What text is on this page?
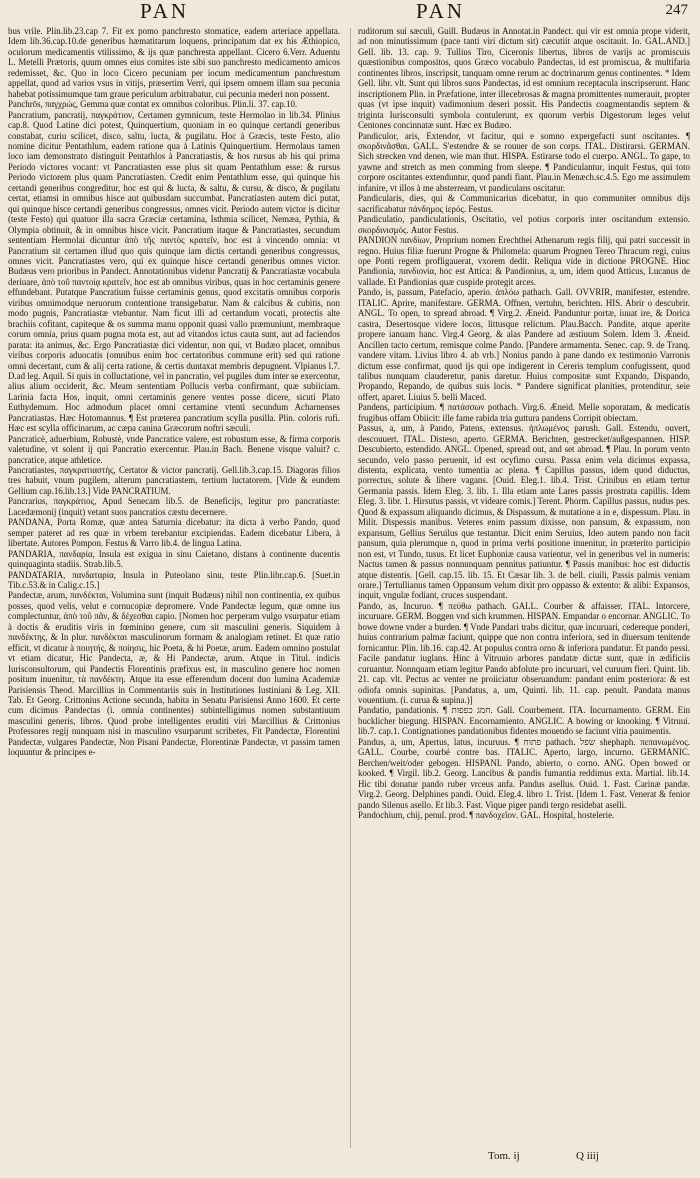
PAN	PAN	247

bus vrile. Plin.lib.23.cap 7. Fit ex pomo panchresto stomatice, eadem arteriace appellata. Idem lib.36.cap.10.de generibus hæmatitarum loquens, principatum dat ex his Æthiopico, oculorum medicamentis vtilissimo, & ijs quæ panchresta appellant. Cicero 6.Verr. Aduentu L. Metelli Prætoris, quum omnes eius comites iste sibi suo panchresto medicamento amicos redemisset, &c. Quo in loco Cicero pecuniam per iocum medicamentum panchrestum appellat, quod ad varios vsus in vitijs, præsertim Verri, qui ipsem omnem illam sua pecunia habebat potissimumque tam graue periculum arbitrabatur, cui pecunia mederi non possent.

Panchrōs, παγχρώς, Gemma quæ contat ex omnibus coloribus. Plin.li. 37. cap.10.

Pancratium, pancratij, παγκράτιον, Certamen gymnicum, teste Hermolao in lib.34. Plinius cap.8. Quod Latine dici potest, Quinquertium, quoniam in eo quinque certandi generibus constabat, curiu scilicet, disco, saltu, lucta, & pugilatu. Hoc à Græcis, teste Festo, alio nomine dicitur Pentathlum, eadem ratione qua à Latinis Quinquertium. Hermolaus tamen loco iam demonstrato distinguit Pentathlos à Pancratiastis, & hos rursus ab his qui prima Periodo victores vocant: vt Pancratiasten esse plus sit quam Pentathlum esse: & rursus Periodo victorem plus quam Pancratiasten. Credit enim Pentathlum esse, qui quinque his certandi generibus congreditur, hoc est qui & lucta, & saltu, & cursu, & disco, & pugilatu certat, etiamsi in omnibus hisce aut quibusdam succumbat. Pancratiasten autem dici putat, qui quinque hisce certandi generibus congressus, omnes vicit. Periodo autem victor is dicitur (teste Festo) qui quatuor illa sacra Græciæ certamina, Isthmia scilicet, Nemæa, Pythia, & Olympia obtinuit, & in omnibus hisce vicit. Pancratium itaque & Pancratiastes, secundum sententiam Hermolai dicuntur ἀπὸ τῆς παντὸς κρατεῖν, hoc est à vincendo omnia: vt Pancratium sit certamen illud quo quis quinque iam dictis certandi generibus congressus, omnes vicit. Pancratiastes vero, qui ex quinque hisce certandi generibus omnes victor. Budæus vero prioribus in Pandect. Annotationibus videtur Pancratij & Pancratiastæ vocabula deriuare, ἀπὸ τοῦ παντοίᾳ κρατεῖν, hoc est ab omnibus viribus, quas in hoc certaminis genere effundebant. Putatque Pancratium fuisse certaminis genus, quod excitatis omnibus corporis viribus omnimodque neruorum contentione transigebatur. Nam & calcibus & cubitis, non modo pugnis, Pancratiastæ vtebantur. Nam ficut illi ad certandum vocati, protectis alte brachiis cofitant, capiteque & os summa manu opponit quasi vallo præmuniunt, membraque corum omnia, prius quam pugna mota est, aut ad vitandos ictus cauta sunt, aut ad faciendos parata: ita animus, &c. Ergo Pancratiastæ dici videntur, non qui, vt Budæo placet, omnibus viribus corporis aduocatis (omnibus enim hoc certatoribus commune erit) sed qui ratione omni decertant, cum & alij certa ratione, & certis duntaxat membris depugnent. Vlpianus l.7. D.ad leg. Aquil. Si quis in colluctatione, vel in pancratio, vel pugiles dum inter se exercentur, alius alium occiderit, &c. Meam sententiam Pollucis verba confirmant, quæ subiiciam. Larinia facta Hos, inquit, omni certaminis genere ventes posse dicere, sicuti Plato Euthydemum. Hoc admodum placet omni certamine vtenti secundum Acharnenses Pancratiastas. Hæc Hotomannus. ¶ Est præterea pancratium scylla pusilla. Plin. coloris rufi. Hæc est scylla officinarum, ac cæpa canina Græcorum noftri sæculi.

Pancraticè, aduerbium, Robustè, vnde Pancratice valere, est robustum esse, & firma corporis valetudine, vt solent ij qui Pancratio exercentur. Plau.in Bach. Benene visque valuit? c. pancratice, atque athletice.

Pancratiastes, παγκρατιαστὴς, Certator & victor pancratij. Gell.lib.3.cap.15. Diagoras filios tres habuit, vnum pugilem, alterum pancratiastem, tertium luctatorem. [Vide & eundem Gellium cap.16.lib.13.] Vide PANCRATIUM.

Pancrarius, παγκράτιος, Apud Senecam lib.5. de Beneficijs, legitur pro pancratiaste: Lacedæmonij (inquit) vetant suos pancratios cæstu decernere.

PANDANA, Porta Romæ, quæ antea Saturnia dicebatur: ita dicta à verbo Pando, quod semper pateret ad res quæ in vrbem terebantur excipiendas. Eadem dicebatur Libera, à libertate. Autores Pompon. Festus & Varro lib.4. de lingua Latina.

PANDARIA, πανδαρία, Insula est exigua in sinu Caietano, distans à continente ducentis quinquaginta stadiis. Strab.lib.5.

PANDATARIA, πανδαταρία, Insula in Puteolano sinu, teste Plin.libr.cap.6. [Suet.in Tib.c.53.& in Calig.c.15.]

Pandectæ, arum, πανδέκται, Volumina sunt (inquit Budæus) nihil non continentia, ex quibus posses, quod velis, velut e cornucopiæ depromere. Vnde Pandectæ legum, quæ omne ius complectuntur, ἀπὸ τοῦ πᾶν, & δέχεσθαι capio. [Nomen hoc perperam vulgo vsurpatur etiam à doctis & eruditis viris in fœminino genere, cum sit masculini generis. Siquidem à πανδέκτης, & In plur. πανδέκται masculinorum formam & analogiam retinet. Et quæ ratio efficit, vt dicatur à ποιητής, & ποίησις, hic Poeta, & hi Poetæ, arum. Eadem omnino postulat vt etiam dicatur, Hic Pandecta, æ, & Hi Pandectæ, arum. Atque in Titul. indicis Iurisconsultorum, qui Pandectis Florentinis præfixus est, in masculino genere hoc nomen positum inuenitur, τὰ πανδέκτη. Atque ita esse efferendum docent duo lumina Academiæ Parisiensis Theod. Marcillius in Commentariis suis in Institutiones Iustiniani & Leg. XII. Tab. Et Georg. Crittonius Actione secunda, habita in Senatu Parisiensi Anno 1600. Et certe cum dicimus Pandectas (i. omnia continentes) subintelligimus nomen substantiuum masculini generis, libros. Quod probe intelligentes eruditi viri Marcillius & Crittonius Professores regij nunquam nisi in masculino vsurparunt scribetes, Fit Pandectæ, Florentini Pandectæ, vulgares Pandectæ, Non Pisani Pandectæ, Florentinæ Pandectæ, vt passim tamen loquuntur & principes e-

ruditorum sui sæculi, Guill. Budæus in Annotat.in Pandect. qui vir est omnia prope viderit, ad non minutissimum (pace tanti viri dictum sit) cæcutiit atque oscitauit. Io. GAL.AND.] Gell. lib. 13. cap. 9. Tullius Tiro, Ciceronis libertus, libros de varijs ac promiscuis quæstionibus compositos, quos Græco vocabulo Pandectas, id est promiscua, & multifaria continentes libros, inscripsit, tanquam omne rerum ac doctrinarum genus continentes. * Idem Gell. libr. vlt. Sunt qui libros suos Pandectas, id est omnium receptacula inscripserunt. Hanc inscriptionem Plin. in Præfatione, inter illecebrosas & magna promittentes numerauit, propter quas (vt ipse inquit) vadimonium deseri possit. His Pandectis coagmentandis septem & triginta Iurisconsulti symbola contulerunt, ex quorum verbis Digestorum leges velut Centones concinnatæ sunt. Hæc ex Budæo.

Pandiculor, aris, Extendor, vt facitur, qui e somno expergefacti sunt oscitantes. ¶ σκορδινᾶσθαι. GALL. S'estendre & se rouuer de son corps. ITAL. Distirarsi. GERMAN. Sich strecken vnd denen, wie man thut. HISPA. Estirarse todo el cuerpo. ANGL. To gape, to yawne and stretch as men comming from sleepe. ¶ Pandiculantur, inquit Festus, qui toto corpore oscitantes extenduntur, quod pandi fiant. Plau.in Menæch.sc.4.5. Ego me assimulem infanire, vt illos à me absterream, vt pandiculans oscitatur.

Pandicularis, dies, qui & Communicarius dicebatur, in quo communiter omnibus dijs sacrificabatur πάνδημος ἱερός. Festus.

Pandiculatio, pandiculationis, Oscitatio, vel potius corporis inter oscitandum extensio. σκορδινισμός. Autor Festus.

PANDION πανδίων, Proprium nomen Erechthei Athenarum regis filij, qui patri successit in regno. Huius filiæ fuerunt Progne & Philomela: quarum Prognen Tereo Thracum regi, cuius ope Ponti regem profligauerat, vxorem dedit. Reliqua vide in dictione PROGNE. Hinc Pandionia, πανδιονία, hoc est Attica: & Pandionius, a, um, idem quod Atticus, Lucanus de vallade. Et Pandionias quæ cuspide protegit arces.

Pando, is, passum, Patefacio, aperio. ἁπλόω pathach. Gall. OVVRIR, manifester, estendre. ITALIC. Aprire, manifestare. GERMA. Offnen, vertuhn, berichten. HIS. Abrir o descubrir. ANGL. To open, to spread abroad. ¶ Virg.2. Æneid. Panduntur portæ, iuuat ire, & Dorica castra, Desertosque videre locos, littusque relictum. Plau.Bacch. Pandite, atque aperite propere ianuam hanc. Virg.4 Georg. & alas Pandere ad æstiuum Solem. Idem 3. Æneid. Ancillen tacto certum, remisque colme Pando. [Pandere armamenta. Senec. cap. 9. de Tranq. vandere vitam. Livius libro 4. ab vrb.] Nonius pando à pane dando ex testimonio Varronis dictum esse confirmat, quod ijs qui ope indigerent in Cereris templum confugissent, quod talibus nunquam clauderetur, panis daretur. Huius compositæ sunt Expando, Dispando, Propando, Repando, de quibus suis locis. * Pandere significat planities, protenditur, seie offert, aparet. Liuius 5. belli Maced.

Pandens, participium. ¶ πατάσσων pothach. Virg.6. Æneid. Melle soporatam, & medicatis frugibus offam Obiicit: ille fame rabida tria guttura pandens Corripit obiectam.

Passus, a, um, à Pando, Patens, extensus. ἡπλωμένος parush. Gall. Estendu, ouvert, descouuert. ITAL. Disteso, aperto. GERMA. Berichten, gestrecket/außgespannen. HISP. Descubierto, estendido. ANGL. Opened, spread out, and set abroad. ¶ Plau. In porum vento secundo, velo passo peruenit, id est ocyfimo cursu. Passa enim vela dicimus expassa, distenta, explicata, vento tumentia ac plena. ¶ Capillus passus, idem quod diductus, porrectus, solute & libere vagans. [Ouid. Eleg.1. lib.4. Trist. Crinibus en etiam tertur Germania passis. Idem Eleg. 3. lib. 1. Illa etiam ante Lares passis prostrata capillis. Idem Eleg. 3. libr. 1. Hirsutus passis, vt videare comis.] Terent. Phorm. Capillus passus, nudus pes. Quod & expassum aliquando dicimus, & Dispassum, & mutatione a in e, dispessum. Plau. in Milit. Dispessis manibus. Veteres enim passum dixisse, non pansum, & expassum, non expansum, Gellius Seruilus que testantur. Dicit enim Seruius, Ideo autem pando non facit pansum, quia plerumque n, quod in prima verbi positione inuenitur, in præterito participio non est, vt Tundo, tusus. Et licet Euphoniæ causa varientur, vel in generibus vel in numeris: Nactus tamen & passus nonnunquam pennitus patiuntur. ¶ Passis manibus: hoc est diductis atque distentis. [Gell. cap.15. lib. 15. Et Cæsar lib. 3. de bell. ciuili, Passis palmis veniam orare.] Tertullianus tamen Oppansum velum dixit pro oppasso & extento: & alibi: Expansos, inquit, vngulæ fodiant, cruces suspendant.

Pando, as, Incuruo. ¶ πεύθω pathach. GALL. Courber & affaisser. ITAL. Intorcere, incuruare. GERM. Boggen vnd sich krummen. HISPAN. Empandar o encornar. ANGLIC. To bowe downe vnder a burden. ¶ Vnde Pandari trabs dicitur, quæ incuruari, cedereque ponderi, huius contrarium palmæ faciunt, quippe que non contra inferiora, sed in diuersum tenitende fornicantur. Plin. lib.16. cap.42. At populus contra orno & inferiora pandatur. Et pando pessi. Facile pandatur iuglans. Hinc à Vitruuio arbores pandatæ dictæ sunt, quæ in ædificiis curuantur. Nonnquam etiam legitur Pando abfolute pro incuruari, vel curuum fieri. Quint. lib. 21. cap. vlt. Pectus ac venter ne proiiciatur obseruandum: pandant enim posteriora: & est odiofa omnis supinitas. [Pandatus, a, um, Quinti. lib. 11. cap. penult. Pandata manus vouentium. (i. curua & supina.)]

Pandatio, pandationis. ¶ חמג כפפות. Gall. Courbement. ITA. Incurnamento. GERM. Ein bucklicher biegung. HISPAN. Encornamiento. ANGLIC. A bowing or knooking. ¶ Vitruui. lib.7. cap.1. Contignationes pandationibus fidentes mouendo se faciunt vitia pauimentis.

Pandus, a, um, Apertus, latus, incuruus. ¶ פתוח pathach. שפל shephaph. πεπανωμένος. GALL. Courbe, courbé contre bas. ITALIC. Aperto, largo, incurno. GERMANIC. Berchen/weit/oder gebogen. HISPANI. Pando, abierto, o corno. ANG. Open bowed or kooked. ¶ Virgil. lib.2. Georg. Lancibus & pandis fumantia reddimus exta. Martial. lib.14. Hic tibi donatur pando ruber vrceus anfa. Pandus asellus. Ouid. 1. Fast. Carinæ pandæ. Virg.2. Georg. Delphines pandi. Ouid. Eleg.4. libro 1. Trist. [Idem 1. Fast. Venerat & fenior pando Silenus asello. Et lib.3. Fast. Vique piger pandi tergo residebat aselli.

Pandochium, chij, penul. prod. ¶ πανδοχεῖον. GAL. Hospital, hostelerie.

Tom. ij	Q iiij
